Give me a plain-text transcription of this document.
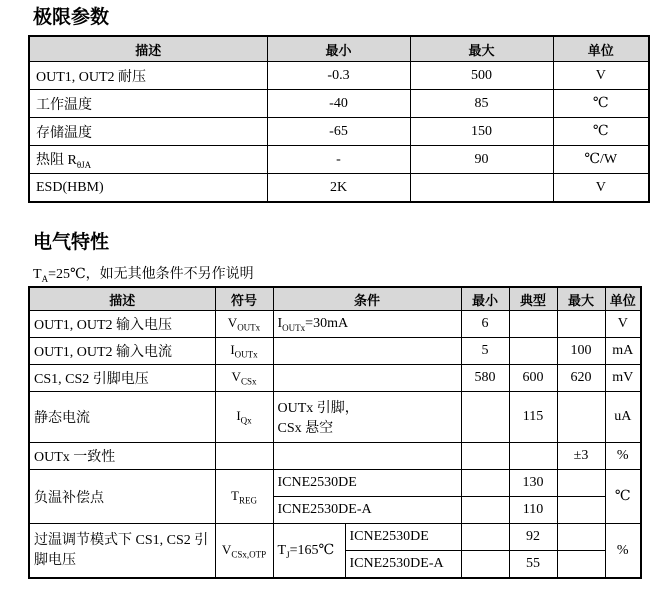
极限参数
描述	最小	最大	单位
OUT1, OUT2 耐压	-0.3	500	V
工作温度	-40	85	℃
存储温度	-65	150	℃
热阻 $R_{\theta JA}$	-	90	℃/W
ESD(HBM)	2K		V
电气特性
$T_A=25℃$，如无其他条件不另作说明
描述	符号	条件		最小	典型	最大	单位
OUT1, OUT2 输入电压	$V_{OUTx}$	$I_{OUTx}=30mA$		6			V
OUT1, OUT2 输入电流	$I_{OUTx}$			5		100	mA
CS1, CS2 引脚电压	$V_{CSx}$			580	600	620	mV
静态电流	$I_{Qx}$	OUTx 引脚，
CSx 悬空			115		uA
OUTx 一致性						±3	%
负温补偿点	$T_{REG}$	ICNE2530DE			130		℃
		ICNE2530DE-A			110		
过温调节模式下 CS1, CS2 引脚电压	$V_{CSx,OTP}$	$T_J=165℃$	ICNE2530DE		92		%
			ICNE2530DE-A		55		
